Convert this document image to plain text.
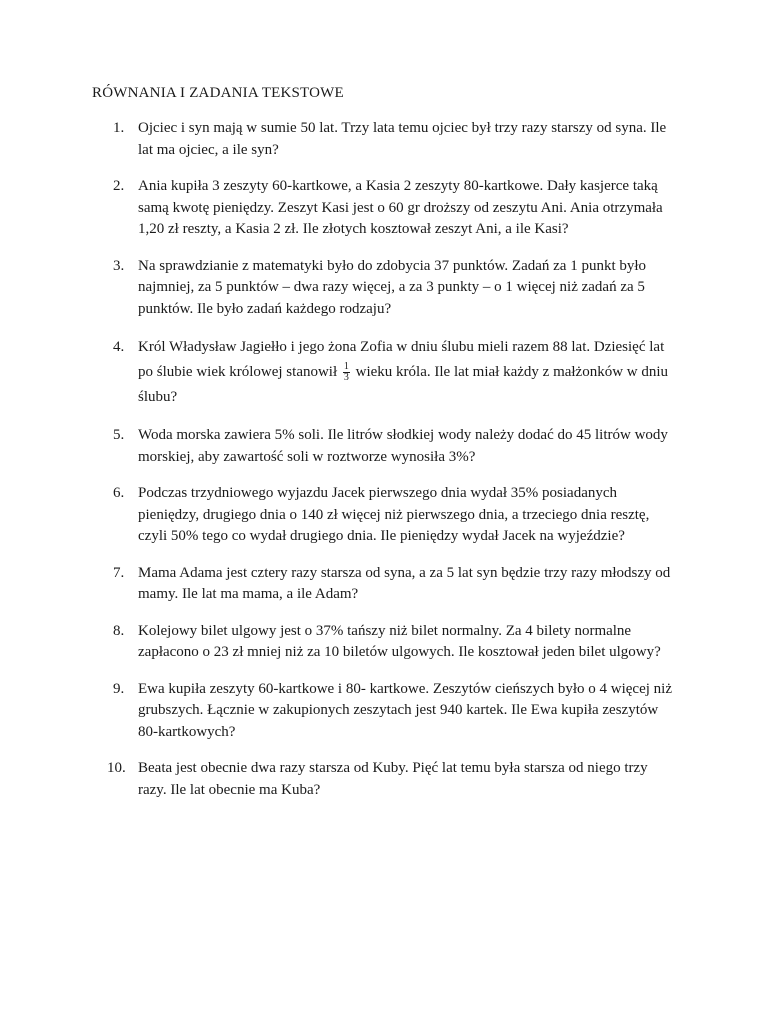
RÓWNANIA I ZADANIA TEKSTOWE
1. Ojciec i syn mają w sumie 50 lat. Trzy lata temu ojciec był trzy razy starszy od syna. Ile lat ma ojciec, a ile syn?
2. Ania kupiła 3 zeszyty 60-kartkowe, a Kasia 2 zeszyty 80-kartkowe. Dały kasjerce taką samą kwotę pieniędzy. Zeszyt Kasi jest o 60 gr droższy od zeszytu Ani. Ania otrzymała 1,20 zł reszty, a Kasia 2 zł. Ile złotych kosztował zeszyt Ani, a ile Kasi?
3. Na sprawdzianie z matematyki było do zdobycia 37 punktów. Zadań za 1 punkt było najmniej, za 5 punktów – dwa razy więcej, a za 3 punkty – o 1 więcej niż zadań za 5 punktów. Ile było zadań każdego rodzaju?
4. Król Władysław Jagiełło i jego żona Zofia w dniu ślubu mieli razem 88 lat. Dziesięć lat po ślubie wiek królowej stanowił $\frac{1}{3}$ wieku króla. Ile lat miał każdy z małżonków w dniu ślubu?
5. Woda morska zawiera 5% soli. Ile litrów słodkiej wody należy dodać do 45 litrów wody morskiej, aby zawartość soli w roztworze wynosiła 3%?
6. Podczas trzydniowego wyjazdu Jacek pierwszego dnia wydał 35% posiadanych pieniędzy, drugiego dnia o 140 zł więcej niż pierwszego dnia, a trzeciego dnia resztę, czyli 50% tego co wydał drugiego dnia. Ile pieniędzy wydał Jacek na wyjeździe?
7. Mama Adama jest cztery razy starsza od syna, a za 5 lat syn będzie trzy razy młodszy od mamy. Ile lat ma mama, a ile Adam?
8. Kolejowy bilet ulgowy jest o 37% tańszy niż bilet normalny. Za 4 bilety normalne zapłacono o 23 zł mniej niż za 10 biletów ulgowych. Ile kosztował jeden bilet ulgowy?
9. Ewa kupiła zeszyty 60-kartkowe i 80- kartkowe. Zeszytów cieńszych było o 4 więcej niż grubszych. Łącznie w zakupionych zeszytach jest 940 kartek. Ile Ewa kupiła zeszytów 80-kartkowych?
10. Beata jest obecnie dwa razy starsza od Kuby. Pięć lat temu była starsza od niego trzy razy. Ile lat obecnie ma Kuba?
